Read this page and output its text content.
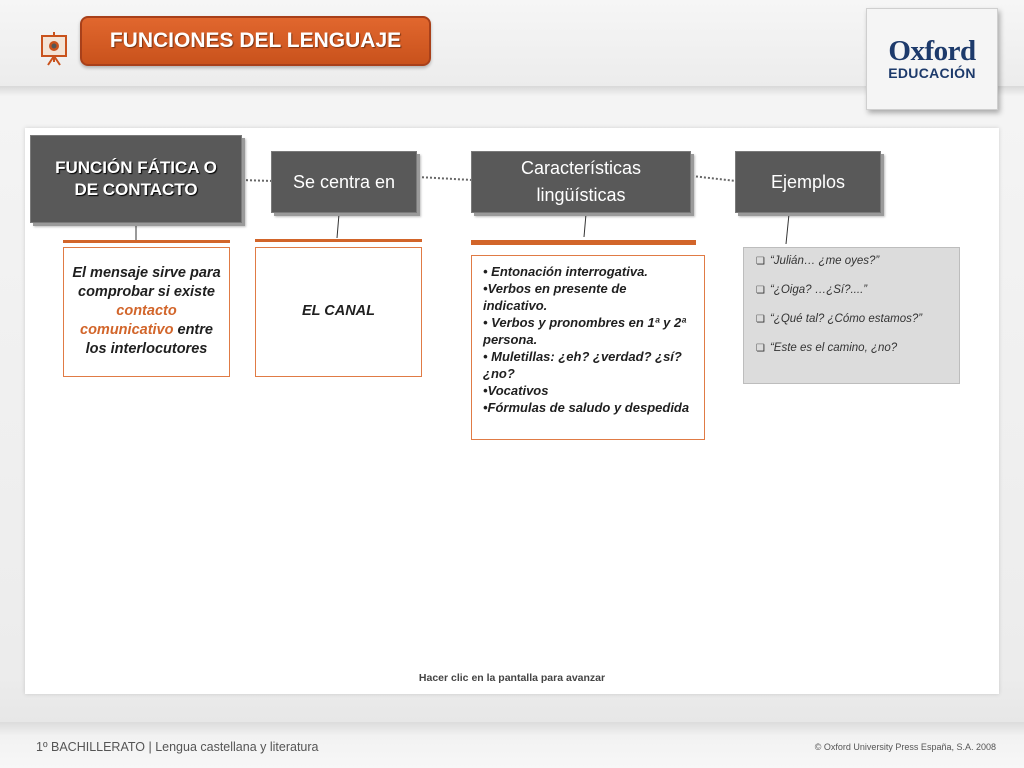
FUNCIONES DEL LENGUAJE	Oxford
EDUCACIÓN
FUNCIÓN FÁTICA O DE CONTACTO	Se centra en
Características lingüísticas
Ejemplos
El mensaje sirve para comprobar si existe contacto comunicativo entre los interlocutores
EL CANAL
• Entonación interrogativa.
•Verbos en presente de indicativo.
• Verbos y pronombres en 1ª y 2ª persona.
• Muletillas: ¿eh? ¿verdad? ¿sí? ¿no?
•Vocativos
•Fórmulas de saludo y despedida
❏ “Julián… ¿me oyes?”
❏ “¿Oiga? …¿Sí?....”
❏ “¿Qué tal? ¿Cómo estamos?”
❏ “Este es el camino, ¿no?
Hacer clic en la pantalla para avanzar
1º BACHILLERATO | Lengua castellana y literatura	© Oxford University Press España, S.A. 2008
